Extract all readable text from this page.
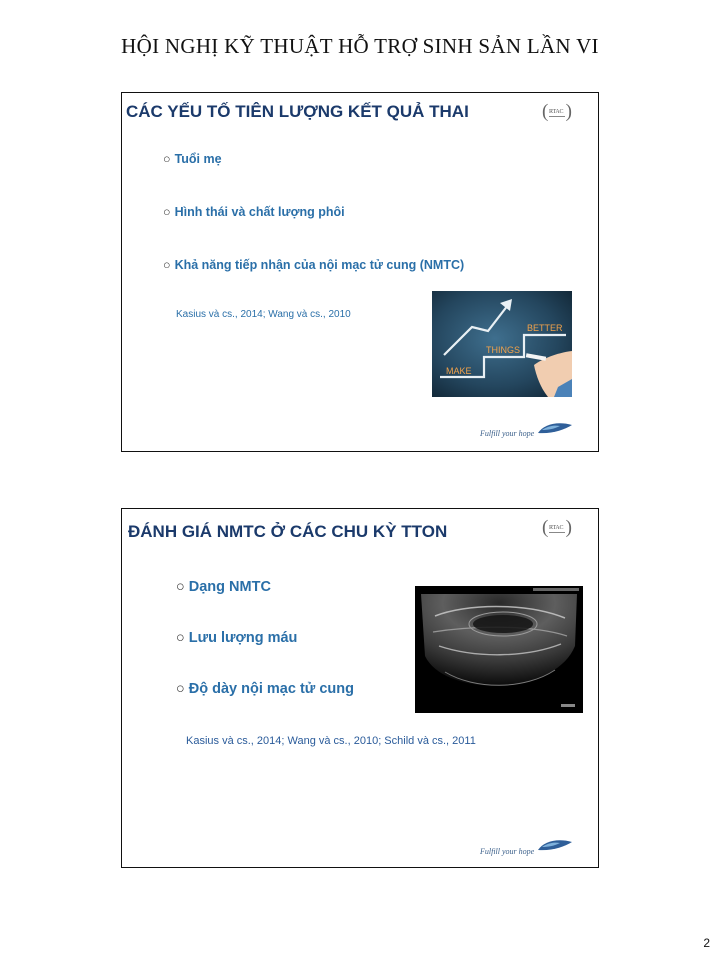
HỘI NGHỊ KỸ THUẬT HỖ TRỢ SINH SẢN LẦN VI
CÁC YẾU TỐ TIÊN LƯỢNG KẾT QUẢ THAI	( RTAC )
○ Tuổi mẹ
○ Hình thái và chất lượng phôi
○ Khả năng tiếp nhận của nội mạc tử cung (NMTC)
Kasius và cs., 2014; Wang và cs., 2010
MAKE
THINGS
BETTER
Fulfill your hope
ĐÁNH GIÁ NMTC Ở CÁC CHU KỲ TTON	( RTAC )
○ Dạng NMTC
○ Lưu lượng máu
○ Độ dày nội mạc tử cung
Kasius và cs., 2014; Wang và cs., 2010; Schild và cs., 2011
Fulfill your hope
2
